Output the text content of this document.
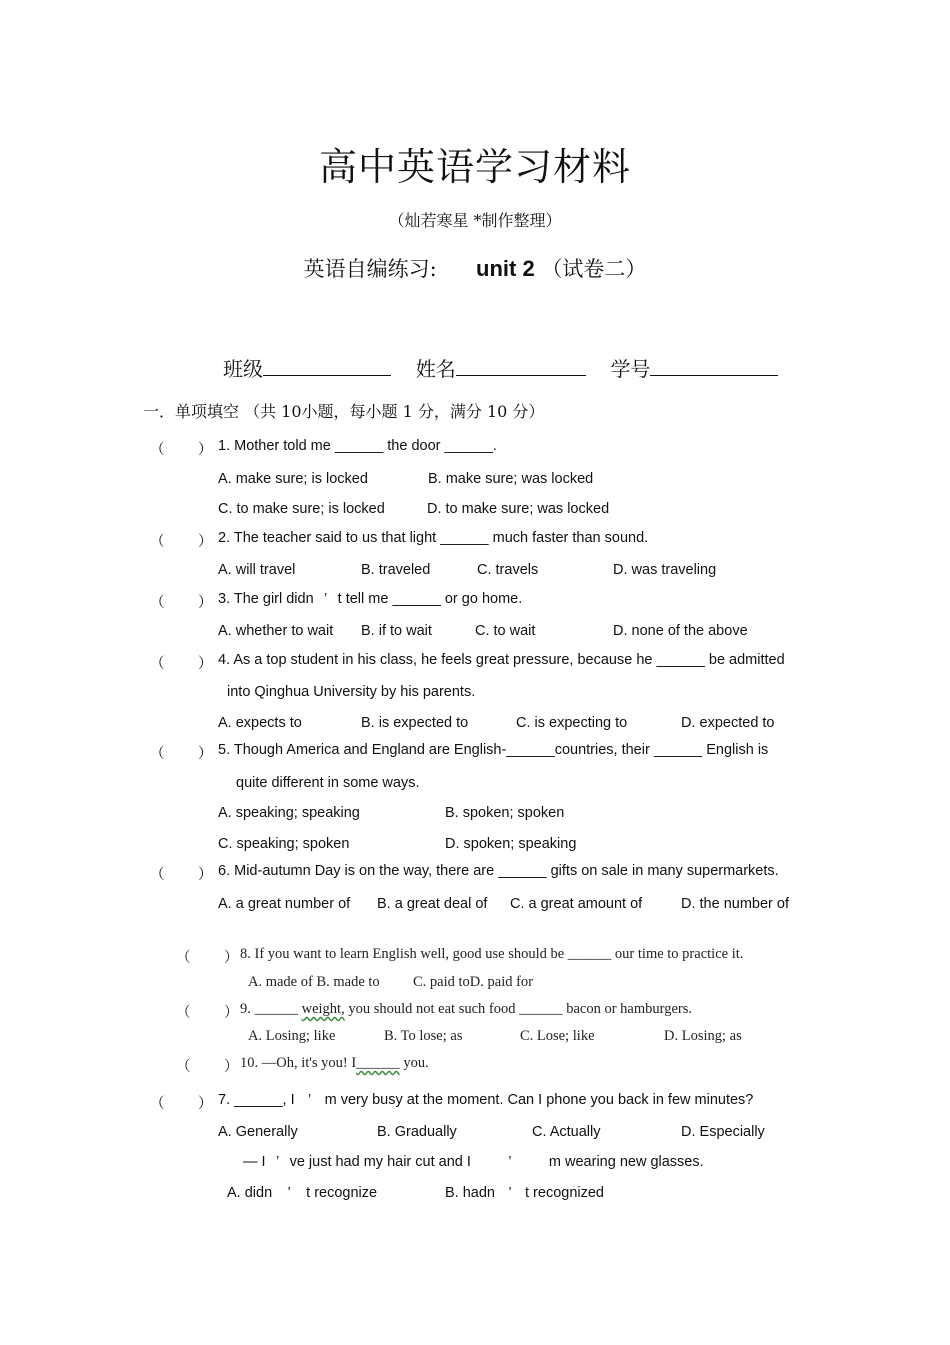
高中英语学习材料
（灿若寒星 *制作整理）
英语自编练习: unit 2 （试卷二）
班级	姓名	学号
一．单项填空 （共 10小题，每小题 1 分，满分 10 分）
（ ） 1. Mother told me ______ the door ______.
A. make sure; is locked	B. make sure; was locked
C. to make sure; is locked	D. to make sure; was locked
（ ） 2. The teacher said to us that light ______ much faster than sound.
A. will travel	B. traveled	C. travels	D. was traveling
（ ） 3. The girl didn ’ t tell me ______ or go home.
A. whether to wait B. if to wait	C. to wait	D. none of the above
（ ） 4. As a top student in his class, he feels great pressure, because he ______ be admitted
into Qinghua University by his parents.
A. expects to	B. is expected to	C. is expecting to	D. expected to
（ ） 5. Though America and England are English-______countries, their ______ English is
quite different in some ways.
A. speaking; speaking	B. spoken; spoken
C. speaking; spoken	D. spoken; speaking
（ ） 6. Mid-autumn Day is on the way, there are ______ gifts on sale in many supermarkets.
A. a great number of B. a great deal of C. a great amount of	D. the number of
（ ） 8. If you want to learn English well, good use should be ______ our time to practice it.
A. made of B. made to C. paid toD. paid for
（ ） 9. ______ weight, you should not eat such food ______ bacon or hamburgers.
A. Losing; like	B. To lose; as	C. Lose; like	D. Losing; as
（ ） 10. —Oh, it's you! I______ you.
（ ） 7. ______, I ’ m very busy at the moment. Can I phone you back in few minutes?
A. Generally	B. Gradually	C. Actually	D. Especially
— I ’ ve just had my hair cut and I	’	m wearing new glasses.
A. didn ’ t recognize	B. hadn ’ t recognized
